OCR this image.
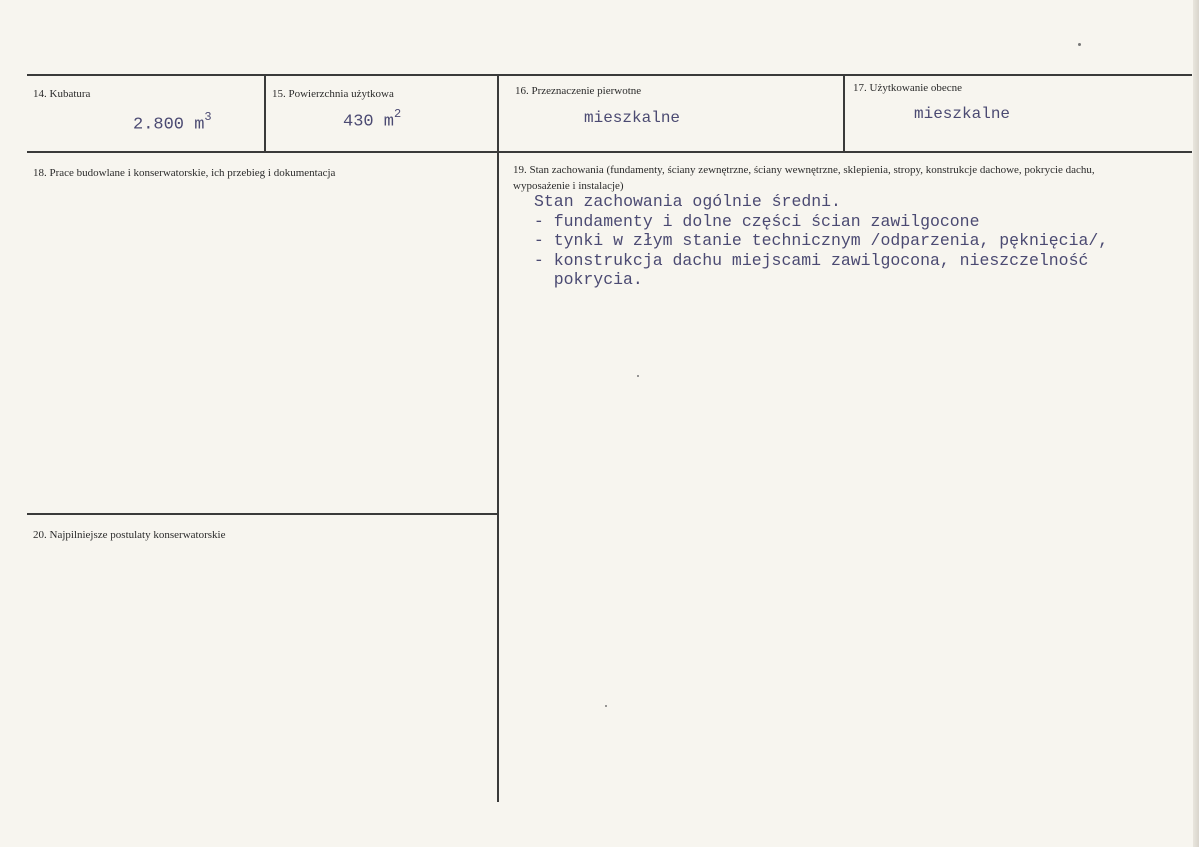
14. Kubatura
2.800 $m^3$
15. Powierzchnia użytkowa
430 $m^2$
16. Przeznaczenie pierwotne
mieszkalne
17. Użytkowanie obecne
mieszkalne
18. Prace budowlane i konserwatorskie, ich przebieg i dokumentacja	19. Stan zachowania (fundamenty, ściany zewnętrzne, ściany wewnętrzne, sklepienia, stropy, konstrukcje dachowe, pokrycie dachu, wyposażenie i instalacje)
Stan zachowania ogólnie średni.
- fundamenty i dolne części ścian zawilgocone
- tynki w złym stanie technicznym /odparzenia, pęknięcia/,
- konstrukcja dachu miejscami zawilgocona, nieszczelność
pokrycia.
20. Najpilniejsze postulaty konserwatorskie
